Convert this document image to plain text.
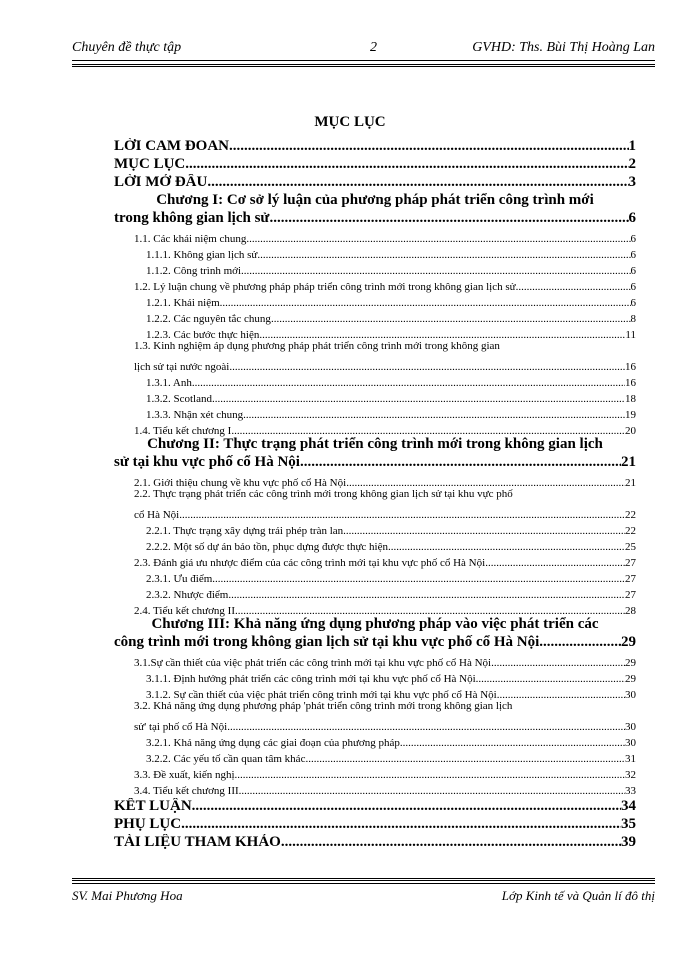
Chuyên đề thực tập	2	GVHD: Ths. Bùi Thị Hoàng Lan
MỤC LỤC
LỜI CAM ĐOAN .....	1
MỤC LỤC .....	2
LỜI MỞ ĐẦU .....	3
Chương I: Cơ sở lý luận của phương pháp phát triển công trình mới
trong không gian lịch sử .....	6
1.1. Các khái niệm chung .....	6
1.1.1. Không gian lịch sử .....	6
1.1.2. Công trình mới .....	6
1.2. Lý luận chung về phương pháp pháp triển công trình mới trong không gian lịch sử .....	6
1.2.1. Khái niệm .....	6
1.2.2. Các nguyên tắc chung .....	8
1.2.3. Các bước thực hiện .....	11
1.3. Kinh nghiệm áp dụng phương pháp phát triển công trình mới trong không gian
lịch sử tại nước ngoài .....	16
1.3.1. Anh .....	16
1.3.2. Scotland .....	18
1.3.3. Nhận xét chung .....	19
1.4. Tiểu kết chương I .....	20
Chương II: Thực trạng phát triển công trình mới trong không gian lịch
sử tại khu vực phố cổ Hà Nội .....	21
2.1. Giới thiệu chung về khu vực phố cổ Hà Nội .....	21
2.2. Thực trạng phát triển các công trình mới trong không gian lịch sử tại khu vực phố
cổ Hà Nội .....	22
2.2.1. Thực trạng xây dựng trái phép tràn lan .....	22
2.2.2. Một số dự án bảo tồn, phục dựng được thực hiện .....	25
2.3. Đánh giá ưu nhược điểm của các công trình mới tại khu vực phố cổ Hà Nội .....	27
2.3.1. Ưu điểm .....	27
2.3.2. Nhược điểm .....	27
2.4. Tiểu kết chương II .....	28
Chương III: Khả năng ứng dụng phương pháp vào việc phát triển các
công trình mới trong không gian lịch sử tại khu vực phố cổ Hà Nội .....	29
3.1.Sự cần thiết của việc phát triển các công trình mới tại khu vực phố cổ Hà Nội .....	29
3.1.1. Định hướng phát triển các công trình mới tại khu vực phố cổ Hà Nội .....	29
3.1.2. Sự cần thiết của việc phát triển công trình mới tại khu vực phố cổ Hà Nội .....	30
3.2. Khả năng ứng dụng phương pháp 'phát triển công trình mới trong không gian lịch
sử' tại phố cổ Hà Nội .....	30
3.2.1. Khả năng ứng dụng các giai đoạn của phương pháp .....	30
3.2.2. Các yếu tố cần quan tâm khác .....	31
3.3. Đề xuất, kiến nghị .....	32
3.4. Tiểu kết chương III .....	33
KẾT LUẬN .....	34
PHỤ LỤC .....	35
TÀI LIỆU THAM KHẢO .....	39
SV. Mai Phương Hoa	Lớp Kinh tế và Quản lí đô thị
